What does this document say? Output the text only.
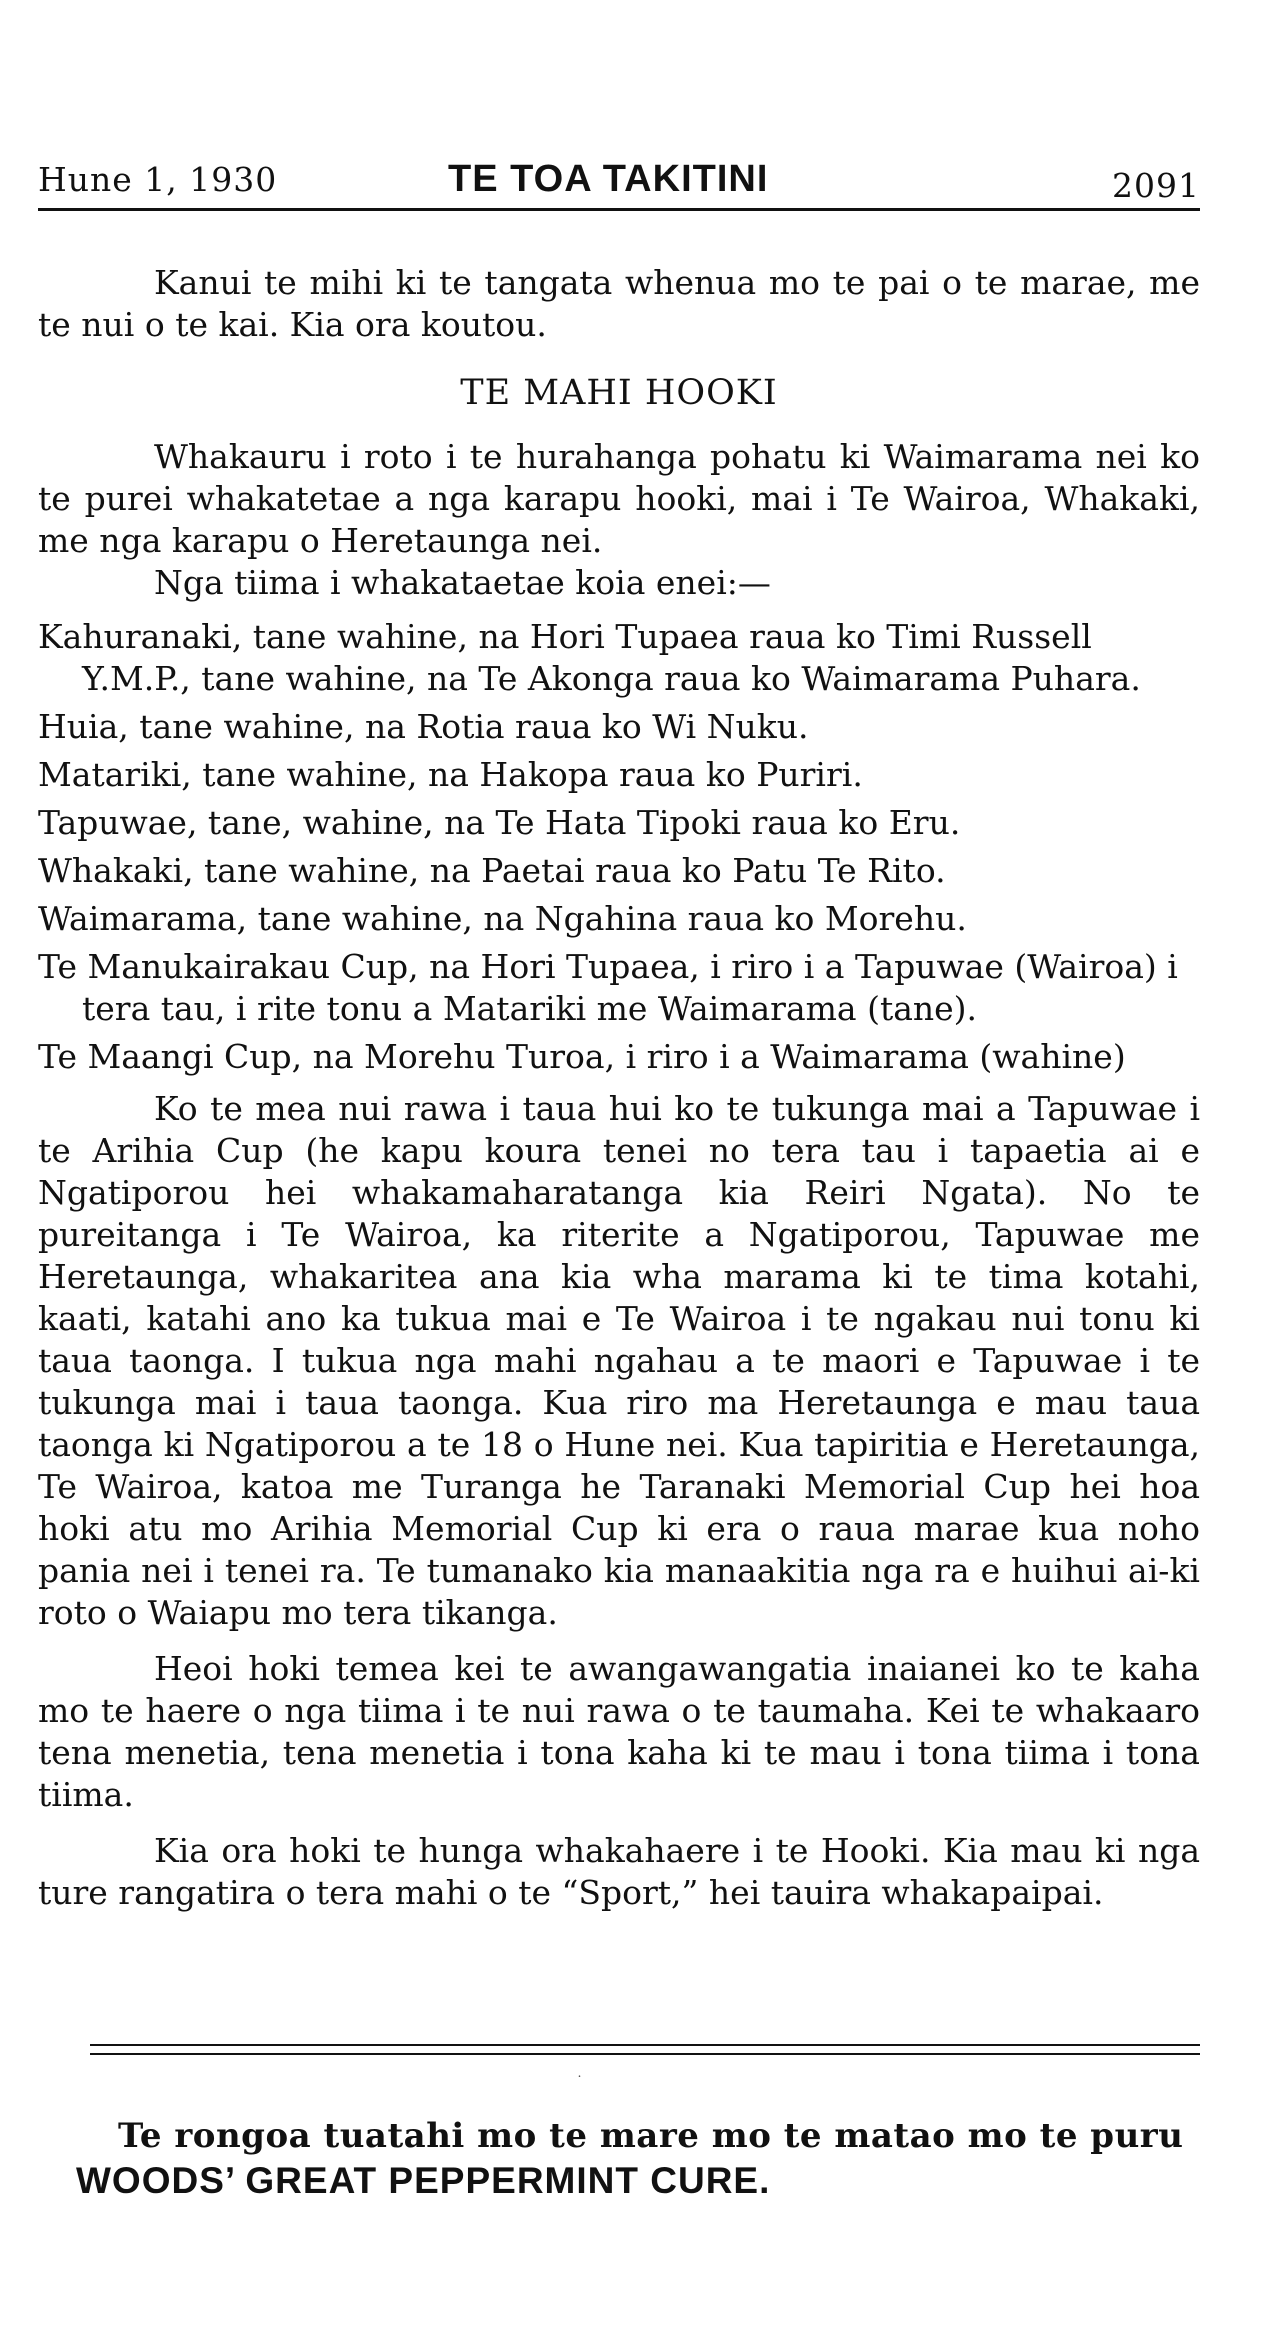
Hune 1, 1930	TE TOA TAKITINI	2091

Kanui te mihi ki te tangata whenua mo te pai o te marae, me te nui o te kai. Kia ora koutou.

TE MAHI HOOKI

Whakauru i roto i te hurahanga pohatu ki Waimarama nei ko te purei whakatetae a nga karapu hooki, mai i Te Wairoa, Whakaki, me nga karapu o Heretaunga nei.

Nga tiima i whakataetae koia enei:—

Kahuranaki, tane wahine, na Hori Tupaea raua ko Timi Russell Y.M.P., tane wahine, na Te Akonga raua ko Waimarama Puhara.

Huia, tane wahine, na Rotia raua ko Wi Nuku.

Matariki, tane wahine, na Hakopa raua ko Puriri.

Tapuwae, tane, wahine, na Te Hata Tipoki raua ko Eru.

Whakaki, tane wahine, na Paetai raua ko Patu Te Rito.

Waimarama, tane wahine, na Ngahina raua ko Morehu.

Te Manukairakau Cup, na Hori Tupaea, i riro i a Tapuwae (Wairoa) i tera tau, i rite tonu a Matariki me Waimarama (tane).

Te Maangi Cup, na Morehu Turoa, i riro i a Waimarama (wahine)

Ko te mea nui rawa i taua hui ko te tukunga mai a Tapuwae i te Arihia Cup (he kapu koura tenei no tera tau i tapaetia ai e Ngatiporou hei whakamaharatanga kia Reiri Ngata). No te pureitanga i Te Wairoa, ka riterite a Ngatiporou, Tapuwae me Heretaunga, whakaritea ana kia wha marama ki te tima kotahi, kaati, katahi ano ka tukua mai e Te Wairoa i te ngakau nui tonu ki taua taonga. I tukua nga mahi ngahau a te maori e Tapuwae i te tukunga mai i taua taonga. Kua riro ma Heretaunga e mau taua taonga ki Ngatiporou a te 18 o Hune nei. Kua tapiritia e Heretaunga, Te Wairoa, katoa me Turanga he Taranaki Memorial Cup hei hoa hoki atu mo Arihia Memorial Cup ki era o raua marae kua noho pania nei i tenei ra. Te tumanako kia manaakitia nga ra e huihui ai-ki roto o Waiapu mo tera tikanga.

Heoi hoki temea kei te awangawangatia inaianei ko te kaha mo te haere o nga tiima i te nui rawa o te taumaha. Kei te whakaaro tena menetia, tena menetia i tona kaha ki te mau i tona tiima i tona tiima.

Kia ora hoki te hunga whakahaere i te Hooki. Kia mau ki nga ture rangatira o tera mahi o te “Sport,” hei tauira whakapaipai.

˙
Te rongoa tuatahi mo te mare mo te matao mo te puru
WOODS’ GREAT PEPPERMINT CURE.
